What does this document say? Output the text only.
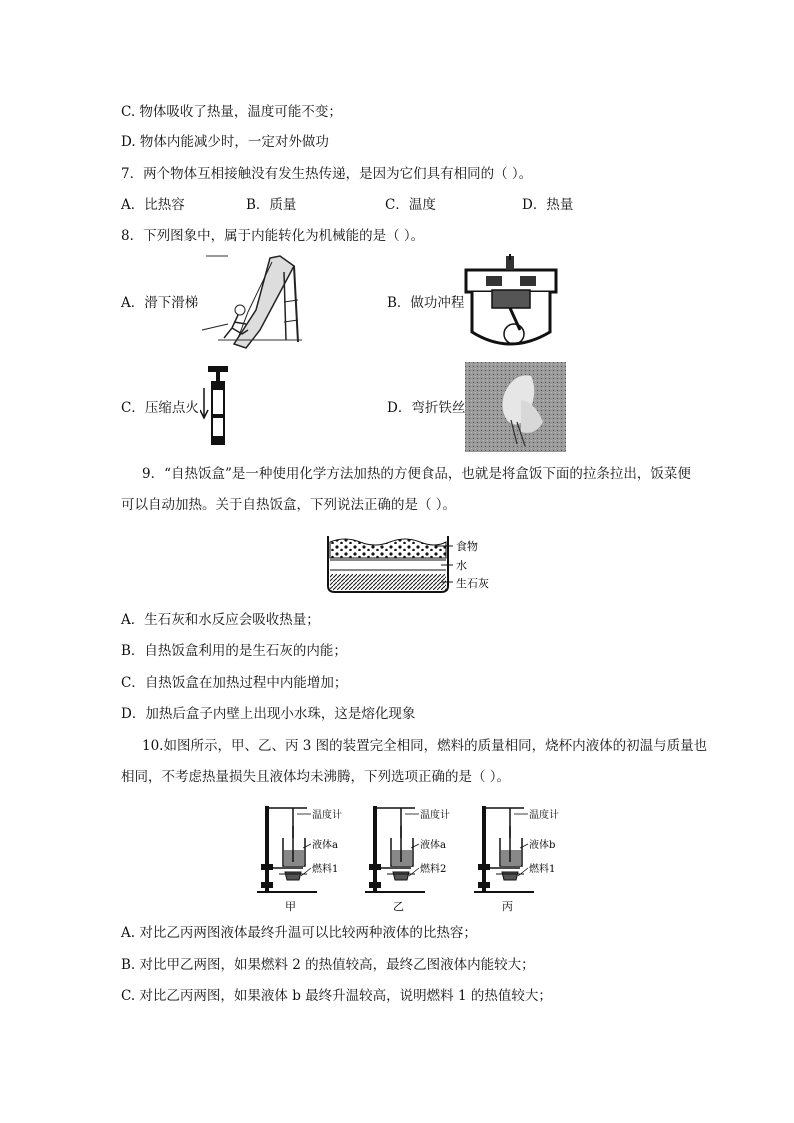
C. 物体吸收了热量，温度可能不变；
D. 物体内能减少时，一定对外做功
7．两个物体互相接触没有发生热传递，是因为它们具有相同的（ ）。
A．比热容	B．质量	C．温度	D．热量
8．下列图象中，属于内能转化为机械能的是（ ）。
A．滑下滑梯	B．做功冲程
C．压缩点火	D．弯折铁丝
9．“自热饭盒”是一种使用化学方法加热的方便食品，也就是将盒饭下面的拉条拉出，饭菜便
可以自动加热。关于自热饭盒，下列说法正确的是（ ）。
食物
水
生石灰
A．生石灰和水反应会吸收热量；
B．自热饭盒利用的是生石灰的内能；
C．自热饭盒在加热过程中内能增加；
D．加热后盒子内壁上出现小水珠，这是熔化现象
10.如图所示，甲、乙、丙 3 图的装置完全相同，燃料的质量相同，烧杯内液体的初温与质量也
相同，不考虑热量损失且液体均未沸腾，下列选项正确的是（ ）。
温度计
液体a
燃料1
甲
温度计
液体a
燃料2
乙
温度计
液体b
燃料1
丙
A. 对比乙丙两图液体最终升温可以比较两种液体的比热容；
B. 对比甲乙两图，如果燃料 2 的热值较高，最终乙图液体内能较大；
C. 对比乙丙两图，如果液体 b 最终升温较高，说明燃料 1 的热值较大；
